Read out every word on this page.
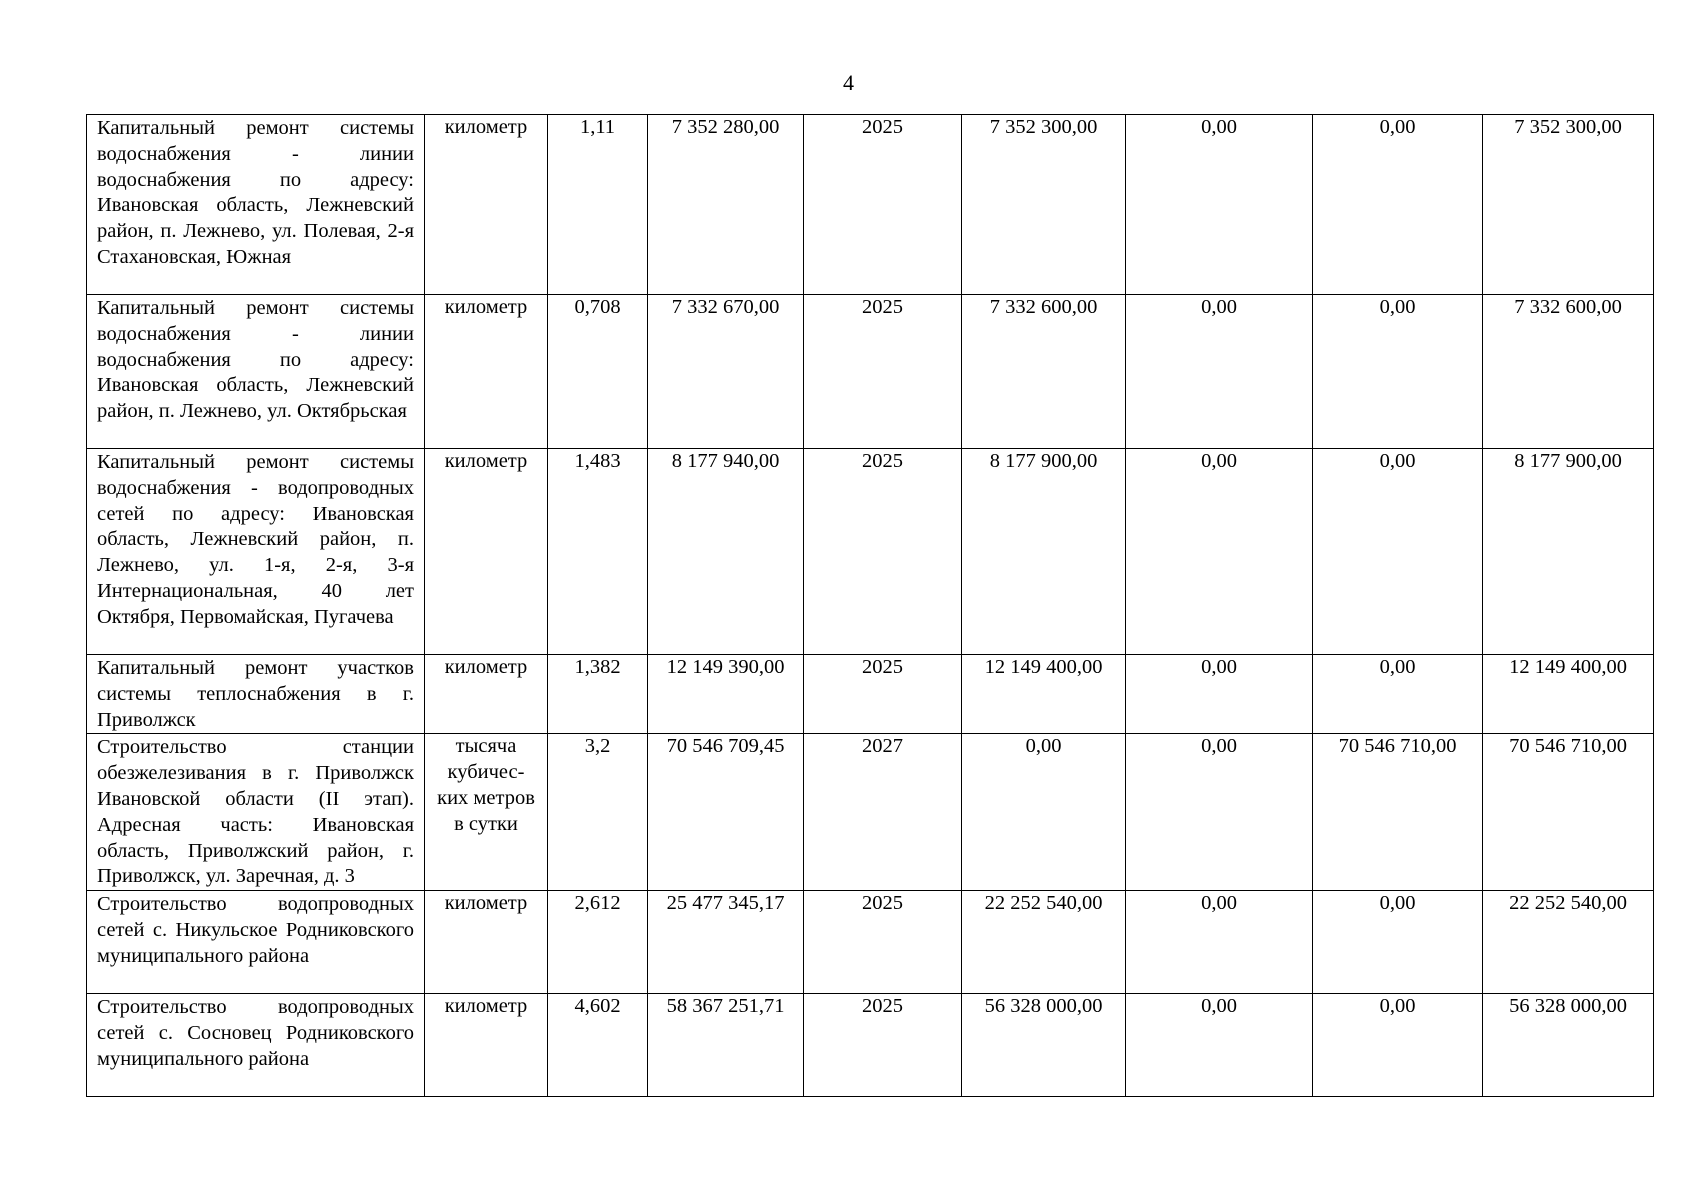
4
Капитальный ремонт системы водоснабжения - линии водоснабжения по адресу: Ивановская область, Лежневский район, п. Лежнево, ул. Полевая, 2-я Стахановская, Южная	километр	1,11	7 352 280,00	2025	7 352 300,00	0,00	0,00	7 352 300,00
Капитальный ремонт системы водоснабжения - линии водоснабжения по адресу: Ивановская область, Лежневский район, п. Лежнево, ул. Октябрьская	километр	0,708	7 332 670,00	2025	7 332 600,00	0,00	0,00	7 332 600,00
Капитальный ремонт системы водоснабжения - водопроводных сетей по адресу: Ивановская область, Лежневский район, п. Лежнево, ул. 1-я, 2-я, 3-я Интернациональная, 40 лет Октября, Первомайская, Пугачева	километр	1,483	8 177 940,00	2025	8 177 900,00	0,00	0,00	8 177 900,00
Капитальный ремонт участков системы теплоснабжения в г. Приволжск	километр	1,382	12 149 390,00	2025	12 149 400,00	0,00	0,00	12 149 400,00
Строительство станции обезжелезивания в г. Приволжск Ивановской области (II этап). Адресная часть: Ивановская область, Приволжский район, г. Приволжск, ул. Заречная, д. 3	тысяча кубичес-ких метров в сутки	3,2	70 546 709,45	2027	0,00	0,00	70 546 710,00	70 546 710,00
Строительство водопроводных сетей с. Никульское Родниковского муниципального района	километр	2,612	25 477 345,17	2025	22 252 540,00	0,00	0,00	22 252 540,00
Строительство водопроводных сетей с. Сосновец Родниковского муниципального района	километр	4,602	58 367 251,71	2025	56 328 000,00	0,00	0,00	56 328 000,00
